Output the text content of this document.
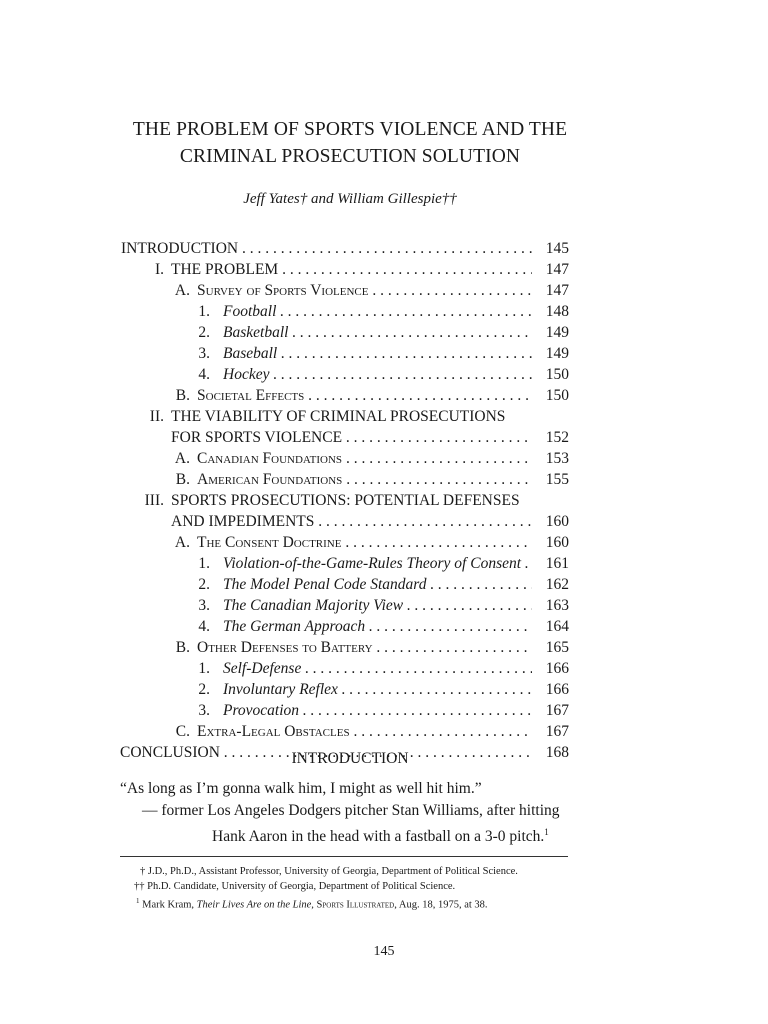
THE PROBLEM OF SPORTS VIOLENCE AND THE
CRIMINAL PROSECUTION SOLUTION
Jeff Yates† and William Gillespie††
INTRODUCTION . . .	145
I. THE PROBLEM . . .	147
A. Survey of Sports Violence . . .	147
1. Football . . .	148
2. Basketball . . .	149
3. Baseball . . .	149
4. Hockey . . .	150
B. Societal Effects . . .	150
II. THE VIABILITY OF CRIMINAL PROSECUTIONS
FOR SPORTS VIOLENCE . . .	152
A. Canadian Foundations . . .	153
B. American Foundations . . .	155
III. SPORTS PROSECUTIONS: POTENTIAL DEFENSES
AND IMPEDIMENTS . . .	160
A. The Consent Doctrine . . .	160
1. Violation-of-the-Game-Rules Theory of Consent . . .	161
2. The Model Penal Code Standard . . .	162
3. The Canadian Majority View . . .	163
4. The German Approach . . .	164
B. Other Defenses to Battery . . .	165
1. Self-Defense . . .	166
2. Involuntary Reflex . . .	166
3. Provocation . . .	167
C. Extra-Legal Obstacles . . .	167
CONCLUSION . . .	168
INTRODUCTION
“As long as I’m gonna walk him, I might as well hit him.”
— former Los Angeles Dodgers pitcher Stan Williams, after hitting
Hank Aaron in the head with a fastball on a 3-0 pitch.$^1$
† J.D., Ph.D., Assistant Professor, University of Georgia, Department of Political Science.
†† Ph.D. Candidate, University of Georgia, Department of Political Science.
$^1$ Mark Kram, Their Lives Are on the Line, Sports Illustrated, Aug. 18, 1975, at 38.
145
